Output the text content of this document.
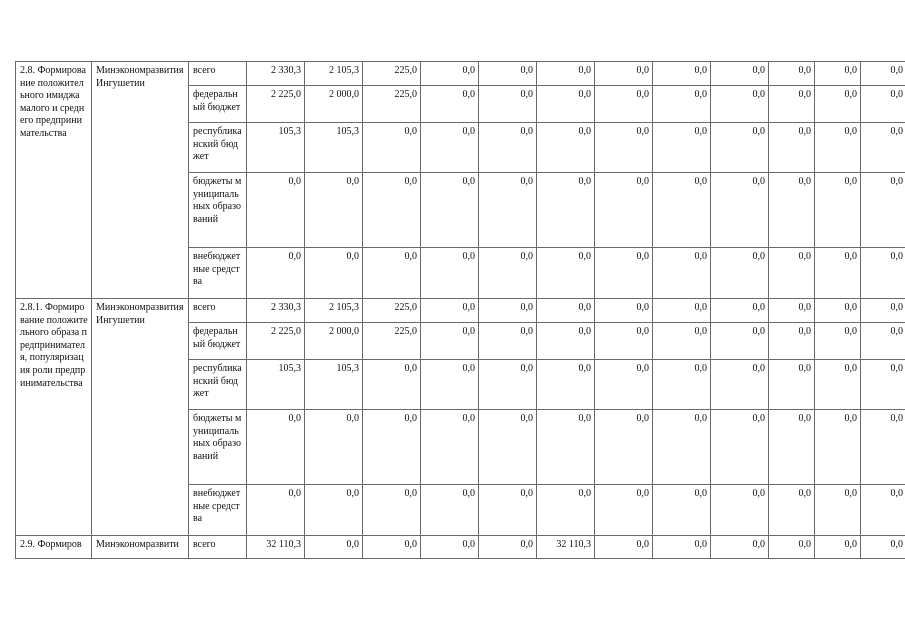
2.8. Формирование положительного имиджа малого и среднего предпринимательства	Минэкономразвития Ингушетии	всего	2 330,3	2 105,3	225,0	0,0	0,0	0,0	0,0	0,0	0,0	0,0	0,0	0,0
		федеральный бюджет	2 225,0	2 000,0	225,0	0,0	0,0	0,0	0,0	0,0	0,0	0,0	0,0	0,0
		республиканский бюджет	105,3	105,3	0,0	0,0	0,0	0,0	0,0	0,0	0,0	0,0	0,0	0,0
		бюджеты муниципальных образований	0,0	0,0	0,0	0,0	0,0	0,0	0,0	0,0	0,0	0,0	0,0	0,0
		внебюджетные средства	0,0	0,0	0,0	0,0	0,0	0,0	0,0	0,0	0,0	0,0	0,0	0,0
2.8.1. Формирование положительного образа предпринимателя, популяризация роли предпринимательства	Минэкономразвития Ингушетии	всего	2 330,3	2 105,3	225,0	0,0	0,0	0,0	0,0	0,0	0,0	0,0	0,0	0,0
		федеральный бюджет	2 225,0	2 000,0	225,0	0,0	0,0	0,0	0,0	0,0	0,0	0,0	0,0	0,0
		республиканский бюджет	105,3	105,3	0,0	0,0	0,0	0,0	0,0	0,0	0,0	0,0	0,0	0,0
		бюджеты муниципальных образований	0,0	0,0	0,0	0,0	0,0	0,0	0,0	0,0	0,0	0,0	0,0	0,0
		внебюджетные средства	0,0	0,0	0,0	0,0	0,0	0,0	0,0	0,0	0,0	0,0	0,0	0,0
2.9. Формиров	Минэкономразвити	всего	32 110,3	0,0	0,0	0,0	0,0	32 110,3	0,0	0,0	0,0	0,0	0,0	0,0
